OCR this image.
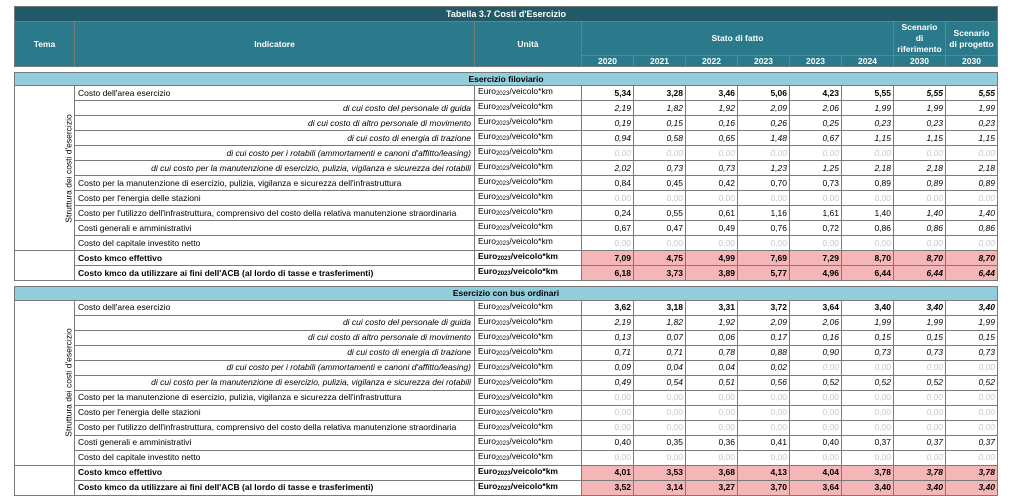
Tabella 3.7 Costi d'Esercizio										
Tema	Indicatore	Unità	Stato di fatto						Scenario di riferimento	Scenario di progetto
			2020	2021	2022	2023	2023	2024	2030	2030

Esercizio filoviario										
Struttura dei costi d'esercizio	Costo dell'area esercizio	Euro$_{2023}$/veicolo*km	5,34	3,28	3,46	5,06	4,23	5,55	5,55	5,55
	di cui costo del personale di guida	Euro$_{2023}$/veicolo*km	2,19	1,82	1,92	2,09	2,06	1,99	1,99	1,99
	di cui costo di altro personale di movimento	Euro$_{2023}$/veicolo*km	0,19	0,15	0,16	0,26	0,25	0,23	0,23	0,23
	di cui costo di energia di trazione	Euro$_{2023}$/veicolo*km	0,94	0,58	0,65	1,48	0,67	1,15	1,15	1,15
	di cui costo per i rotabili (ammortamenti e canoni d'affitto/leasing)	Euro$_{2023}$/veicolo*km	0,00	0,00	0,00	0,00	0,00	0,00	0,00	0,00
	di cui costo per la manutenzione di esercizio, pulizia, vigilanza e sicurezza dei rotabili	Euro$_{2023}$/veicolo*km	2,02	0,73	0,73	1,23	1,25	2,18	2,18	2,18
	Costo per la manutenzione di esercizio, pulizia, vigilanza e sicurezza dell'infrastruttura	Euro$_{2023}$/veicolo*km	0,84	0,45	0,42	0,70	0,73	0,89	0,89	0,89
	Costo per l'energia delle stazioni	Euro$_{2023}$/veicolo*km	0,00	0,00	0,00	0,00	0,00	0,00	0,00	0,00
	Costo per l'utilizzo dell'infrastruttura, comprensivo del costo della relativa manutenzione straordinaria	Euro$_{2023}$/veicolo*km	0,24	0,55	0,61	1,16	1,61	1,40	1,40	1,40
	Costi generali e amministrativi	Euro$_{2023}$/veicolo*km	0,67	0,47	0,49	0,76	0,72	0,86	0,86	0,86
	Costo del capitale investito netto	Euro$_{2023}$/veicolo*km	0,00	0,00	0,00	0,00	0,00	0,00	0,00	0,00
	Costo kmco effettivo	Euro$_{2023}$/veicolo*km	7,09	4,75	4,99	7,69	7,29	8,70	8,70	8,70
	Costo kmco da utilizzare ai fini dell'ACB (al lordo di tasse e trasferimenti)	Euro$_{2023}$/veicolo*km	6,18	3,73	3,89	5,77	4,96	6,44	6,44	6,44

Esercizio con bus ordinari										
Struttura dei costi d'esercizio	Costo dell'area esercizio	Euro$_{2023}$/veicolo*km	3,62	3,18	3,31	3,72	3,64	3,40	3,40	3,40
	di cui costo del personale di guida	Euro$_{2023}$/veicolo*km	2,19	1,82	1,92	2,09	2,06	1,99	1,99	1,99
	di cui costo di altro personale di movimento	Euro$_{2023}$/veicolo*km	0,13	0,07	0,06	0,17	0,16	0,15	0,15	0,15
	di cui costo di energia di trazione	Euro$_{2023}$/veicolo*km	0,71	0,71	0,78	0,88	0,90	0,73	0,73	0,73
	di cui costo per i rotabili (ammortamenti e canoni d'affitto/leasing)	Euro$_{2023}$/veicolo*km	0,09	0,04	0,04	0,02	0,00	0,00	0,00	0,00
	di cui costo per la manutenzione di esercizio, pulizia, vigilanza e sicurezza dei rotabili	Euro$_{2023}$/veicolo*km	0,49	0,54	0,51	0,56	0,52	0,52	0,52	0,52
	Costo per la manutenzione di esercizio, pulizia, vigilanza e sicurezza dell'infrastruttura	Euro$_{2023}$/veicolo*km	0,00	0,00	0,00	0,00	0,00	0,00	0,00	0,00
	Costo per l'energia delle stazioni	Euro$_{2023}$/veicolo*km	0,00	0,00	0,00	0,00	0,00	0,00	0,00	0,00
	Costo per l'utilizzo dell'infrastruttura, comprensivo del costo della relativa manutenzione straordinaria	Euro$_{2023}$/veicolo*km	0,00	0,00	0,00	0,00	0,00	0,00	0,00	0,00
	Costi generali e amministrativi	Euro$_{2023}$/veicolo*km	0,40	0,35	0,36	0,41	0,40	0,37	0,37	0,37
	Costo del capitale investito netto	Euro$_{2023}$/veicolo*km	0,00	0,00	0,00	0,00	0,00	0,00	0,00	0,00
	Costo kmco effettivo	Euro$_{2023}$/veicolo*km	4,01	3,53	3,68	4,13	4,04	3,78	3,78	3,78
	Costo kmco da utilizzare ai fini dell'ACB (al lordo di tasse e trasferimenti)	Euro$_{2023}$/veicolo*km	3,52	3,14	3,27	3,70	3,64	3,40	3,40	3,40
